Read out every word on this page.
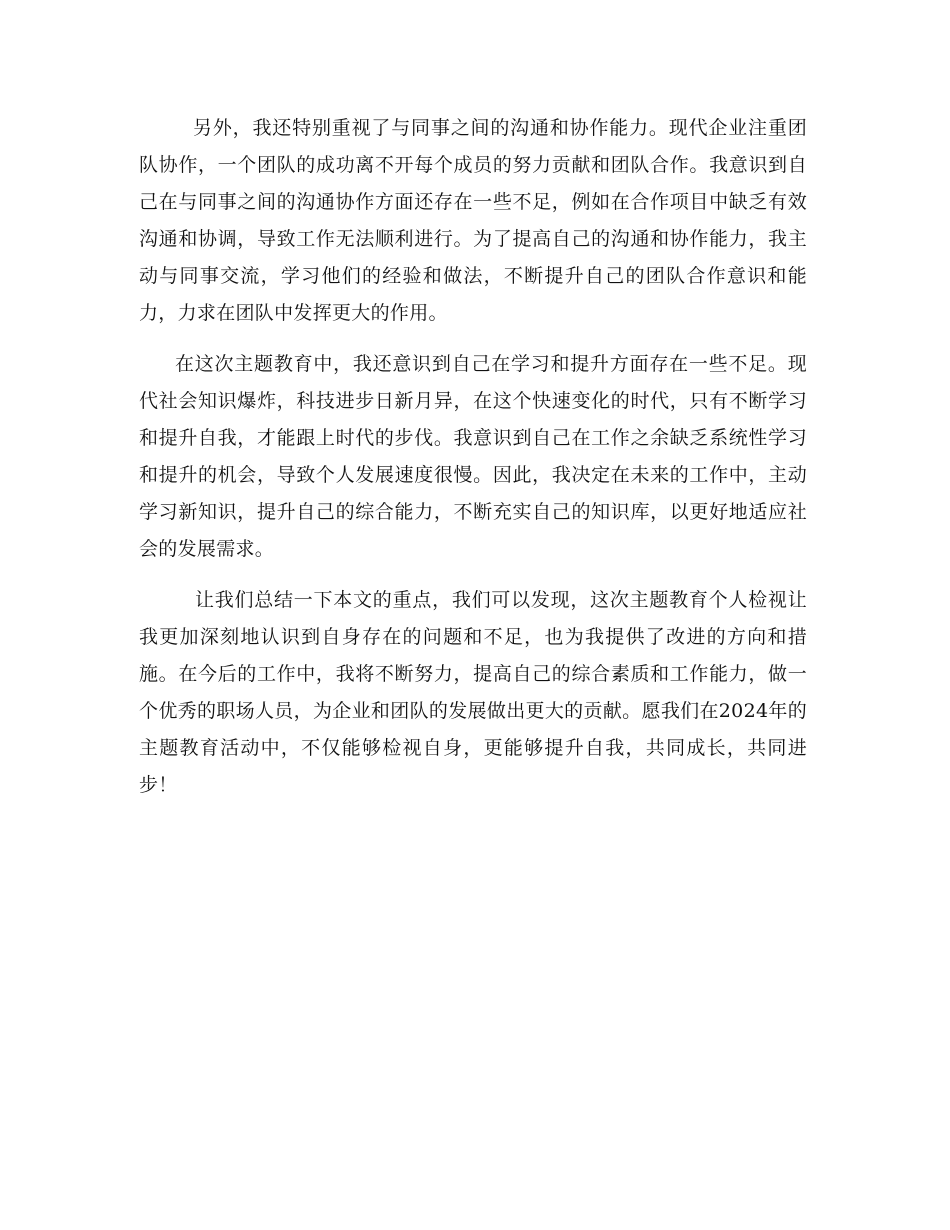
另外，我还特别重视了与同事之间的沟通和协作能力。现代企业注重团队协作，一个团队的成功离不开每个成员的努力贡献和团队合作。我意识到自己在与同事之间的沟通协作方面还存在一些不足，例如在合作项目中缺乏有效沟通和协调，导致工作无法顺利进行。为了提高自己的沟通和协作能力，我主动与同事交流，学习他们的经验和做法，不断提升自己的团队合作意识和能力，力求在团队中发挥更大的作用。

在这次主题教育中，我还意识到自己在学习和提升方面存在一些不足。现代社会知识爆炸，科技进步日新月异，在这个快速变化的时代，只有不断学习和提升自我，才能跟上时代的步伐。我意识到自己在工作之余缺乏系统性学习和提升的机会，导致个人发展速度很慢。因此，我决定在未来的工作中，主动学习新知识，提升自己的综合能力，不断充实自己的知识库，以更好地适应社会的发展需求。

让我们总结一下本文的重点，我们可以发现，这次主题教育个人检视让我更加深刻地认识到自身存在的问题和不足，也为我提供了改进的方向和措施。在今后的工作中，我将不断努力，提高自己的综合素质和工作能力，做一个优秀的职场人员，为企业和团队的发展做出更大的贡献。愿我们在2024年的主题教育活动中，不仅能够检视自身，更能够提升自我，共同成长，共同进步！
